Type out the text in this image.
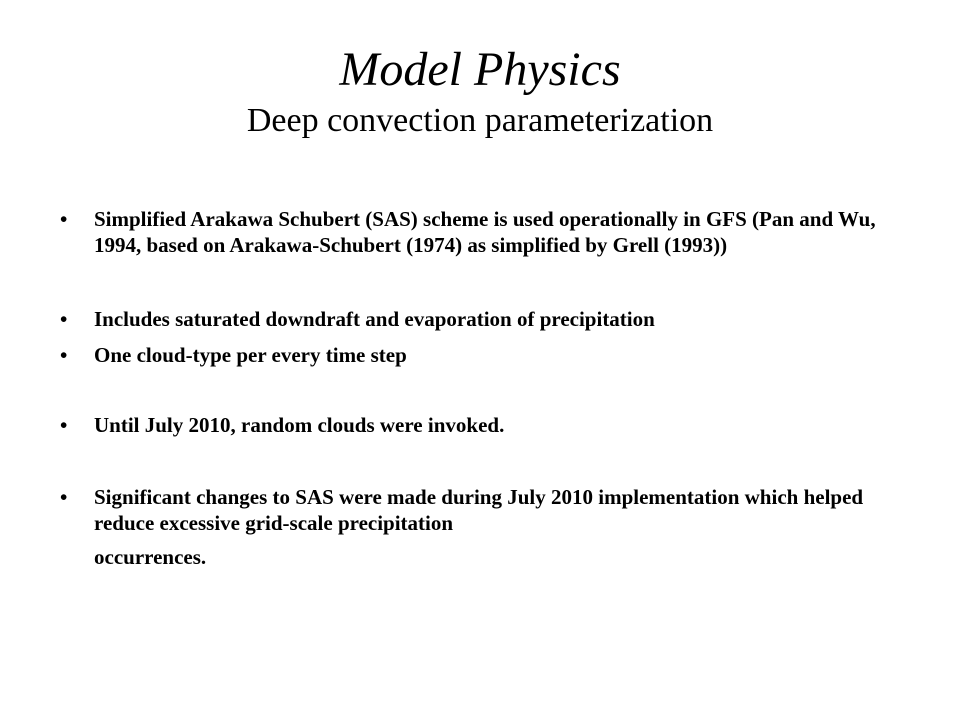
Model Physics
Deep convection parameterization
• Simplified Arakawa Schubert (SAS) scheme is used operationally in GFS (Pan and Wu, 1994, based on Arakawa-Schubert (1974) as simplified by Grell (1993))
• Includes saturated downdraft and evaporation of precipitation
• One cloud-type per every time step
• Until July 2010, random clouds were invoked.
• Significant changes to SAS were made during July 2010 implementation which helped reduce excessive grid-scale precipitation
occurrences.
